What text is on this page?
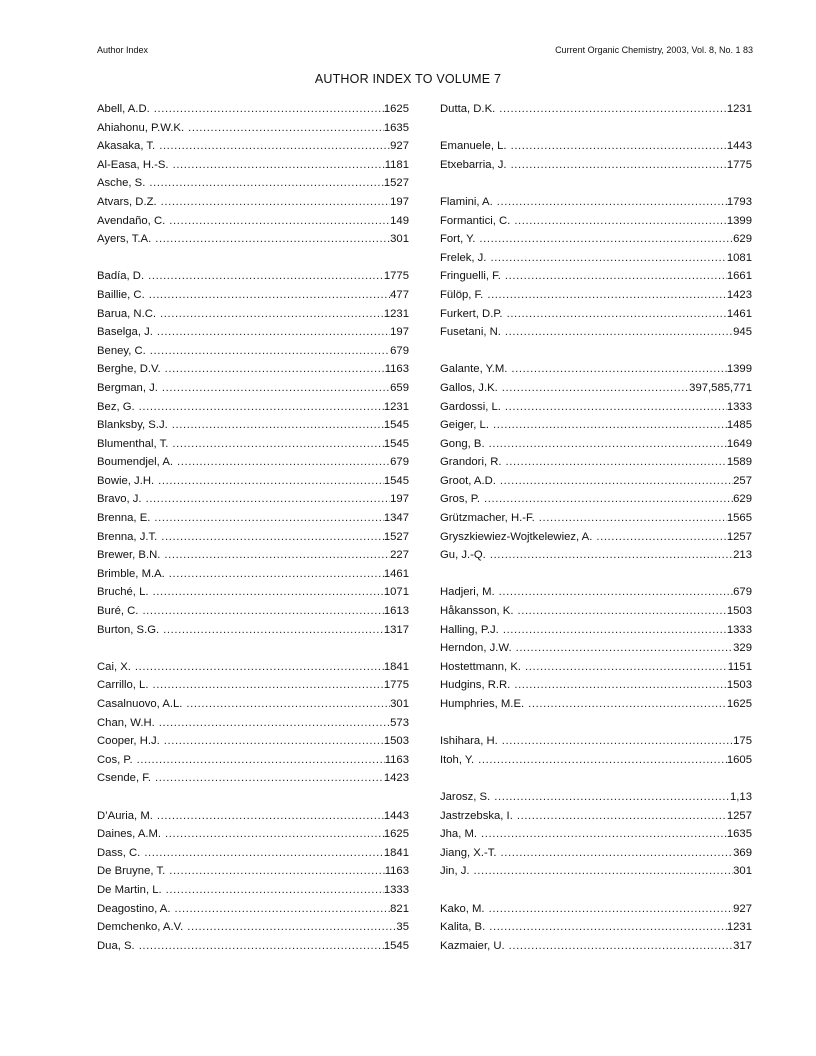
Author Index	Current Organic Chemistry, 2003, Vol. 8, No. 1 83
AUTHOR INDEX TO VOLUME 7
Abell, A.D. .....	1625
Ahiahonu, P.W.K. .....	1635
Akasaka, T. .....	927
Al-Easa, H.-S. .....	1181
Asche, S. .....	1527
Atvars, D.Z. .....	197
Avendaño, C. .....	149
Ayers, T.A. .....	301
Badía, D. .....	1775
Baillie, C. .....	477
Barua, N.C. .....	1231
Baselga, J. .....	197
Beney, C. .....	679
Berghe, D.V. .....	1163
Bergman, J. .....	659
Bez, G. .....	1231
Blanksby, S.J. .....	1545
Blumenthal, T. .....	1545
Boumendjel, A. .....	679
Bowie, J.H. .....	1545
Bravo, J. .....	197
Brenna, E. .....	1347
Brenna, J.T. .....	1527
Brewer, B.N. .....	227
Brimble, M.A. .....	1461
Bruché, L. .....	1071
Buré, C. .....	1613
Burton, S.G. .....	1317
Cai, X. .....	1841
Carrillo, L. .....	1775
Casalnuovo, A.L. .....	301
Chan, W.H. .....	573
Cooper, H.J. .....	1503
Cos, P. .....	1163
Csende, F. .....	1423
D’Auria, M. .....	1443
Daines, A.M. .....	1625
Dass, C. .....	1841
De Bruyne, T. .....	1163
De Martin, L. .....	1333
Deagostino, A. .....	821
Demchenko, A.V. .....	35
Dua, S. .....	1545
Dutta, D.K. .....	1231
Emanuele, L. .....	1443
Etxebarria, J. .....	1775
Flamini, A. .....	1793
Formantici, C. .....	1399
Fort, Y. .....	629
Frelek, J. .....	1081
Fringuelli, F. .....	1661
Fülöp, F. .....	1423
Furkert, D.P. .....	1461
Fusetani, N. .....	945
Galante, Y.M. .....	1399
Gallos, J.K. .....	397,585,771
Gardossi, L. .....	1333
Geiger, L. .....	1485
Gong, B. .....	1649
Grandori, R. .....	1589
Groot, A.D. .....	257
Gros, P. .....	629
Grützmacher, H.-F. .....	1565
Gryszkiewiez-Wojtkelewiez, A. .....	1257
Gu, J.-Q. .....	213
Hadjeri, M. .....	679
Håkansson, K. .....	1503
Halling, P.J. .....	1333
Herndon, J.W. .....	329
Hostettmann, K. .....	1151
Hudgins, R.R. .....	1503
Humphries, M.E. .....	1625
Ishihara, H. .....	175
Itoh, Y. .....	1605
Jarosz, S. .....	1,13
Jastrzebska, I. .....	1257
Jha, M. .....	1635
Jiang, X.-T. .....	369
Jin, J. .....	301
Kako, M. .....	927
Kalita, B. .....	1231
Kazmaier, U. .....	317
